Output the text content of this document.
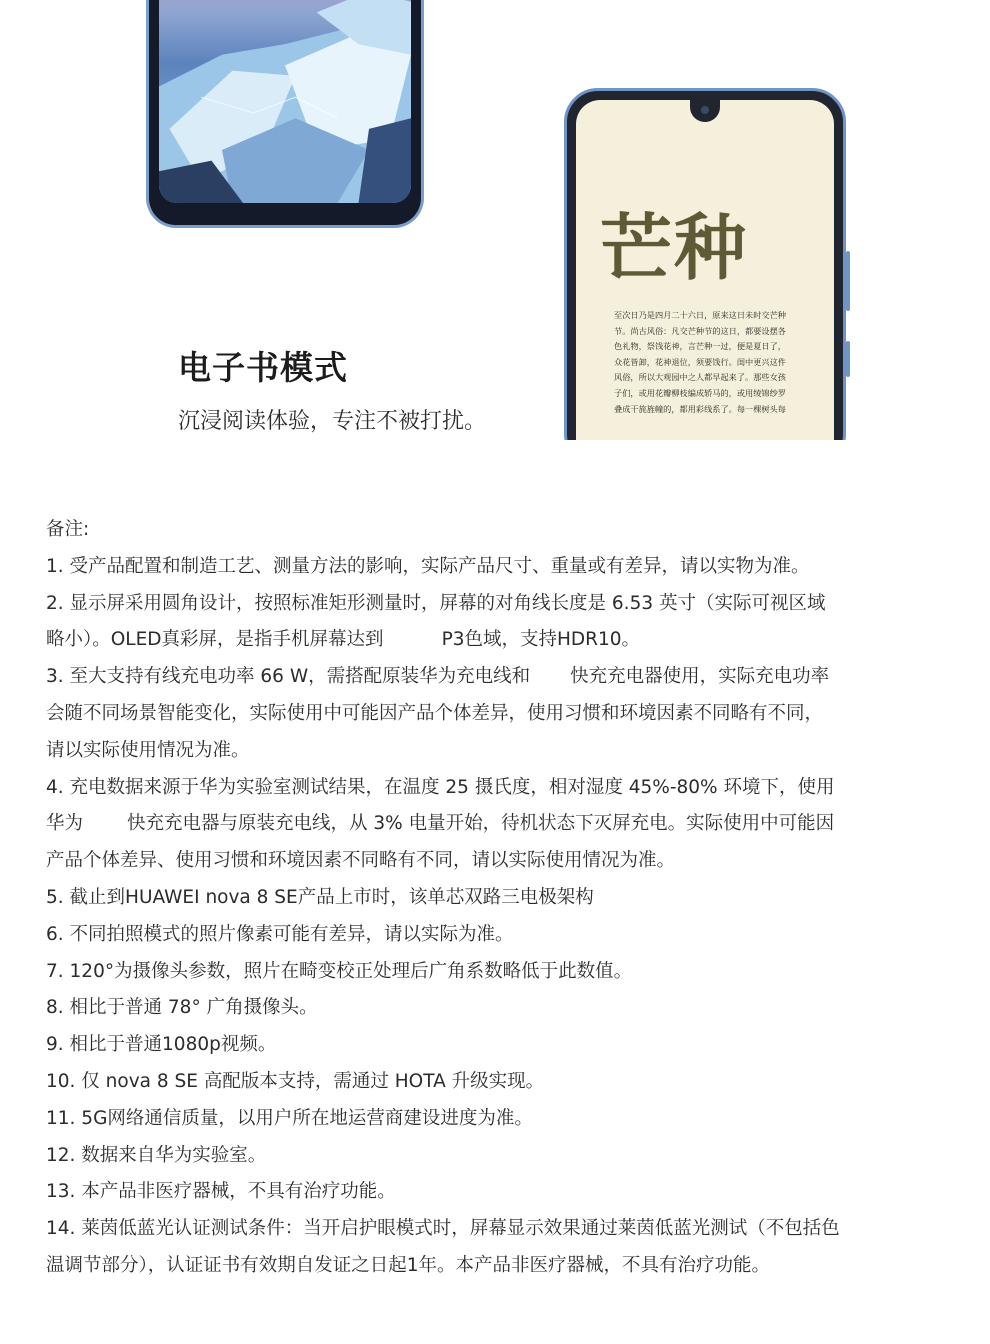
芒种
至次日乃是四月二十六日，原来这日未时交芒种
节。尚古风俗：凡交芒种节的这日，都要设摆各
色礼物，祭饯花神，言芒种一过，便是夏日了，
众花皆卸，花神退位，须要饯行。闺中更兴这件
风俗，所以大观园中之人都早起来了。那些女孩
子们，或用花瓣柳枝编成轿马的，或用绫锦纱罗
叠成干旄旌幢的，都用彩线系了。每一棵树头每
电子书模式
沉浸阅读体验，专注不被打扰。

备注:

1. 受产品配置和制造工艺、测量方法的影响，实际产品尺寸、重量或有差异，请以实物为准。

2. 显示屏采用圆角设计，按照标准矩形测量时，屏幕的对角线长度是 6.53 英寸（实际可视区域

略小）。OLED真彩屏，是指手机屏幕达到	P3色域，支持HDR10。

3. 至大支持有线充电功率 66 W，需搭配原装华为充电线和 快充充电器使用，实际充电功率

会随不同场景智能变化，实际使用中可能因产品个体差异，使用习惯和环境因素不同略有不同，

请以实际使用情况为准。

4. 充电数据来源于华为实验室测试结果，在温度 25 摄氏度，相对湿度 45%-80% 环境下，使用

华为 快充充电器与原装充电线，从 3% 电量开始，待机状态下灭屏充电。实际使用中可能因

产品个体差异、使用习惯和环境因素不同略有不同，请以实际使用情况为准。

5. 截止到HUAWEI nova 8 SE产品上市时，该单芯双路三电极架构

6. 不同拍照模式的照片像素可能有差异，请以实际为准。

7. 120°为摄像头参数，照片在畸变校正处理后广角系数略低于此数值。

8. 相比于普通 78° 广角摄像头。

9. 相比于普通1080p视频。

10. 仅 nova 8 SE 高配版本支持，需通过 HOTA 升级实现。

11. 5G网络通信质量，以用户所在地运营商建设进度为准。

12. 数据来自华为实验室。

13. 本产品非医疗器械，不具有治疗功能。

14. 莱茵低蓝光认证测试条件：当开启护眼模式时，屏幕显示效果通过莱茵低蓝光测试（不包括色

温调节部分），认证证书有效期自发证之日起1年。本产品非医疗器械，不具有治疗功能。
